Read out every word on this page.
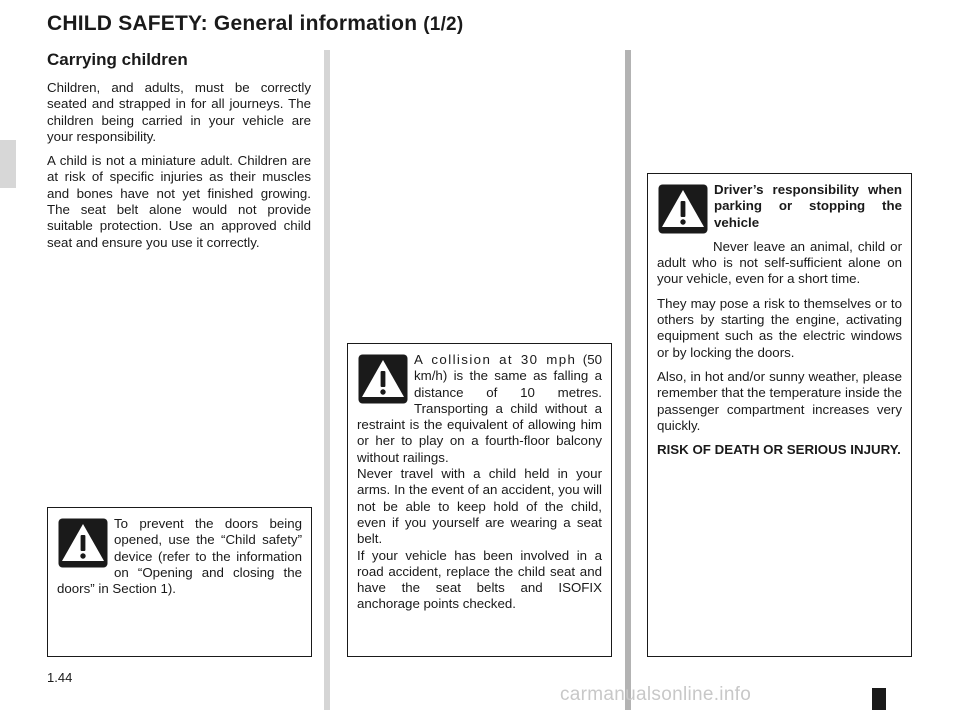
CHILD SAFETY: General information (1/2)
Carrying children

Children, and adults, must be correctly seated and strapped in for all journeys. The children being carried in your vehicle are your responsibility.

A child is not a miniature adult. Children are at risk of specific injuries as their muscles and bones have not yet finished growing. The seat belt alone would not provide suitable protection. Use an approved child seat and ensure you use it correctly.

To prevent the doors being opened, use the “Child safety” device (refer to the information on “Opening and closing the doors” in Section 1).
A collision at 30 mph (50 km/h) is the same as falling a distance of 10 metres. Transporting a child without a restraint is the equivalent of allowing him or her to play on a fourth-floor balcony without railings.
Never travel with a child held in your arms. In the event of an accident, you will not be able to keep hold of the child, even if you yourself are wearing a seat belt.
If your vehicle has been involved in a road accident, replace the child seat and have the seat belts and ISOFIX anchorage points checked.
Driver’s responsibility when parking or stopping the vehicle
Never leave an animal, child or adult who is not self-sufficient alone on your vehicle, even for a short time.
They may pose a risk to themselves or to others by starting the engine, activating equipment such as the electric windows or by locking the doors.
Also, in hot and/or sunny weather, please remember that the temperature inside the passenger compartment increases very quickly.
RISK OF DEATH OR SERIOUS INJURY.
1.44
carmanualsonline.info
